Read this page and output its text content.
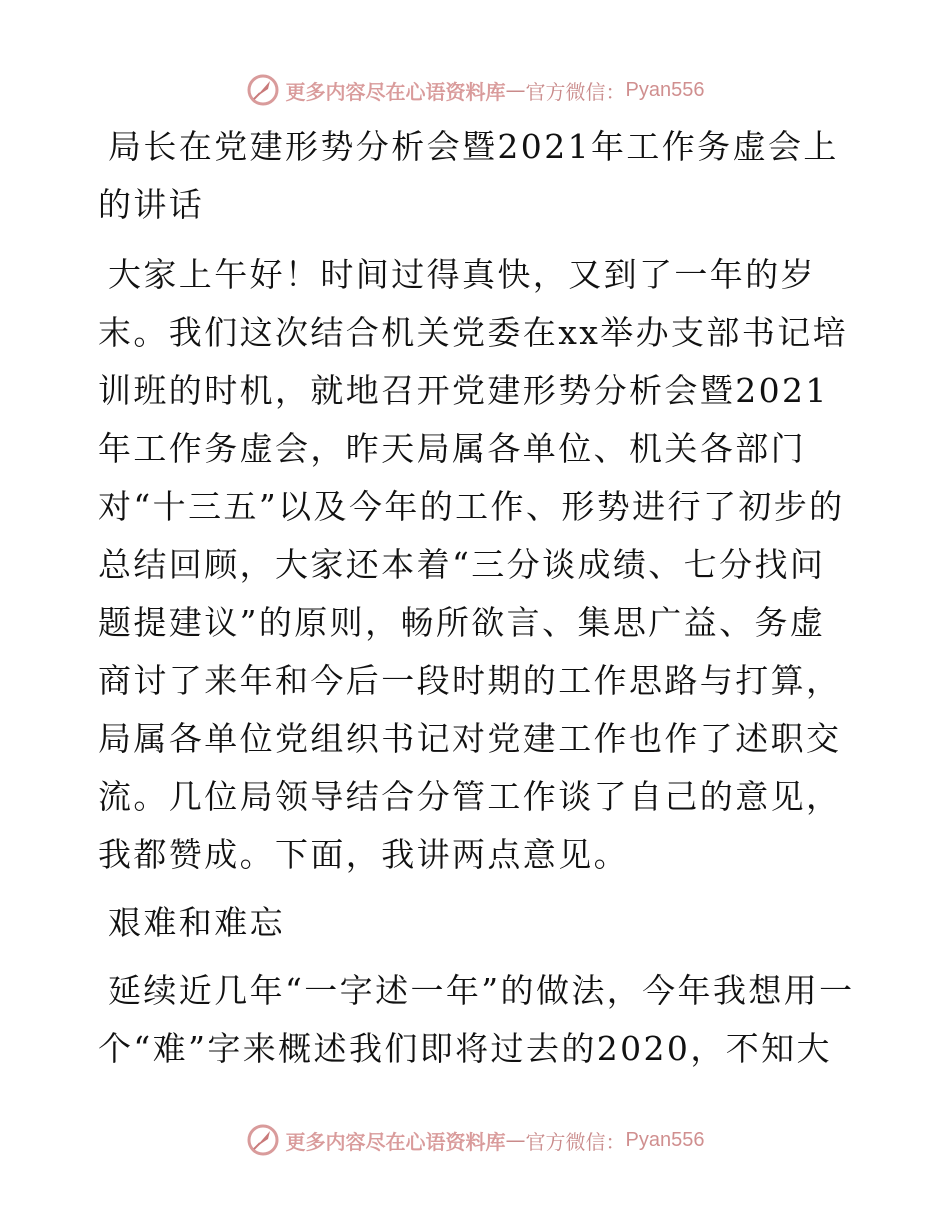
更多内容尽在心语资料库 — 官方微信： Pyan556

局长在党建形势分析会暨2021年工作务虚会上的讲话

大家上午好！时间过得真快，又到了一年的岁末。我们这次结合机关党委在xx举办支部书记培训班的时机，就地召开党建形势分析会暨2021年工作务虚会，昨天局属各单位、机关各部门对“十三五”以及今年的工作、形势进行了初步的总结回顾，大家还本着“三分谈成绩、七分找问题提建议”的原则，畅所欲言、集思广益、务虚商讨了来年和今后一段时期的工作思路与打算，局属各单位党组织书记对党建工作也作了述职交流。几位局领导结合分管工作谈了自己的意见，我都赞成。下面，我讲两点意见。

艰难和难忘

延续近几年“一字述一年”的做法，今年我想用一个“难”字来概述我们即将过去的2020，不知大

更多内容尽在心语资料库 — 官方微信： Pyan556
